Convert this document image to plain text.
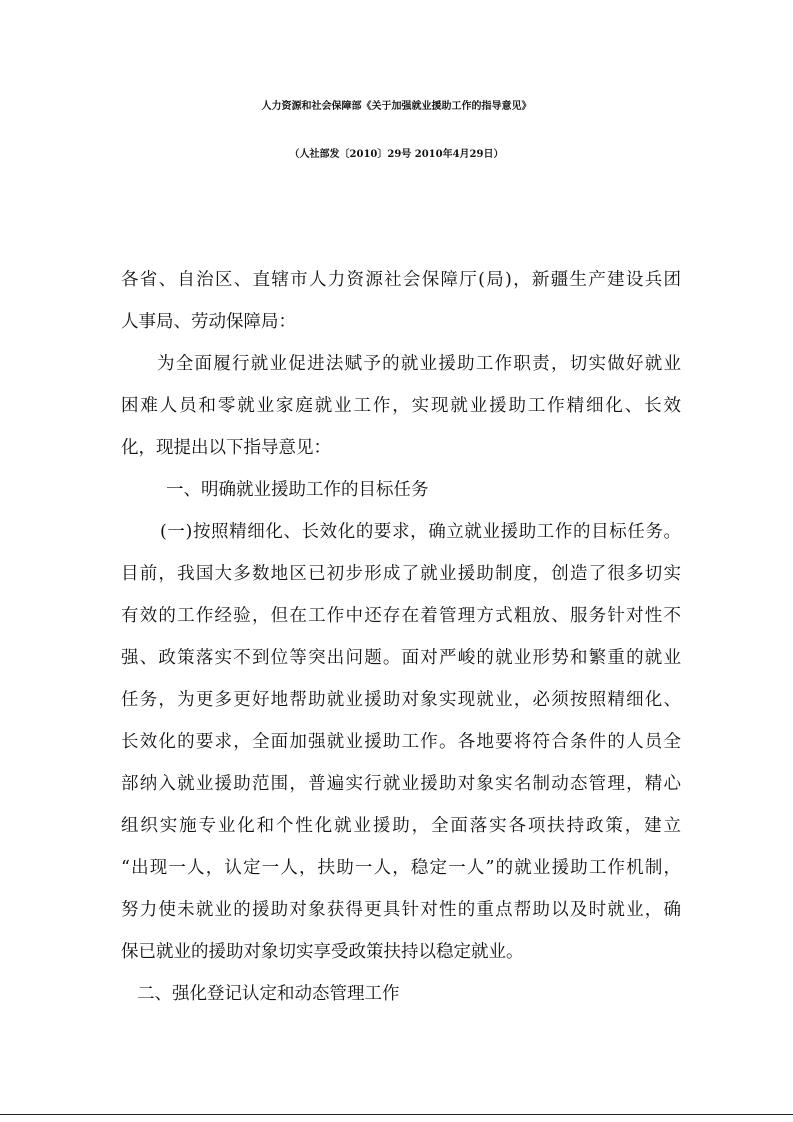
人力资源和社会保障部《关于加强就业援助工作的指导意见》
（人社部发〔2010〕29号 2010年4月29日）
各省、自治区、直辖市人力资源社会保障厅(局)，新疆生产建设兵团
人事局、劳动保障局：
为全面履行就业促进法赋予的就业援助工作职责，切实做好就业
困难人员和零就业家庭就业工作，实现就业援助工作精细化、长效
化，现提出以下指导意见：
一、明确就业援助工作的目标任务
(一)按照精细化、长效化的要求，确立就业援助工作的目标任务。
目前，我国大多数地区已初步形成了就业援助制度，创造了很多切实
有效的工作经验，但在工作中还存在着管理方式粗放、服务针对性不
强、政策落实不到位等突出问题。面对严峻的就业形势和繁重的就业
任务，为更多更好地帮助就业援助对象实现就业，必须按照精细化、
长效化的要求，全面加强就业援助工作。各地要将符合条件的人员全
部纳入就业援助范围，普遍实行就业援助对象实名制动态管理，精心
组织实施专业化和个性化就业援助，全面落实各项扶持政策，建立
“出现一人，认定一人，扶助一人，稳定一人”的就业援助工作机制，
努力使未就业的援助对象获得更具针对性的重点帮助以及时就业，确
保已就业的援助对象切实享受政策扶持以稳定就业。
二、强化登记认定和动态管理工作
